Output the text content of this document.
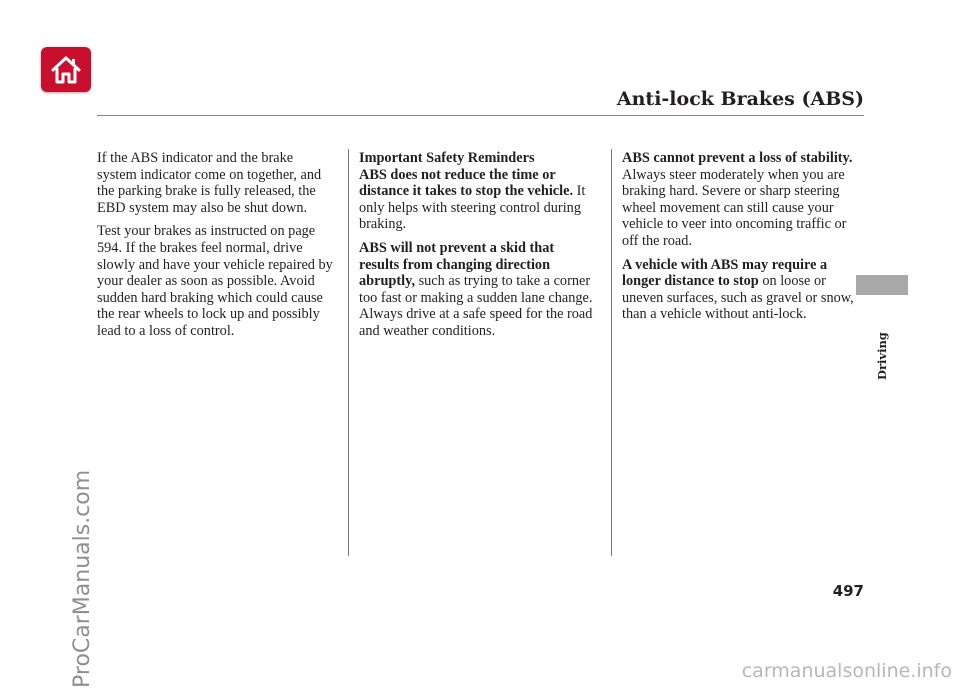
Anti-lock Brakes (ABS)

If the ABS indicator and the brake system indicator come on together, and the parking brake is fully released, the EBD system may also be shut down.

Test your brakes as instructed on page 594. If the brakes feel normal, drive slowly and have your vehicle repaired by your dealer as soon as possible. Avoid sudden hard braking which could cause the rear wheels to lock up and possibly lead to a loss of control.

Important Safety Reminders

ABS does not reduce the time or distance it takes to stop the vehicle. It only helps with steering control during braking.

ABS will not prevent a skid that results from changing direction abruptly, such as trying to take a corner too fast or making a sudden lane change. Always drive at a safe speed for the road and weather conditions.

ABS cannot prevent a loss of stability. Always steer moderately when you are braking hard. Severe or sharp steering wheel movement can still cause your vehicle to veer into oncoming traffic or off the road.

A vehicle with ABS may require a longer distance to stop on loose or uneven surfaces, such as gravel or snow, than a vehicle without anti-lock.

Driving
497
ProCarManuals.com	carmanualsonline.info
